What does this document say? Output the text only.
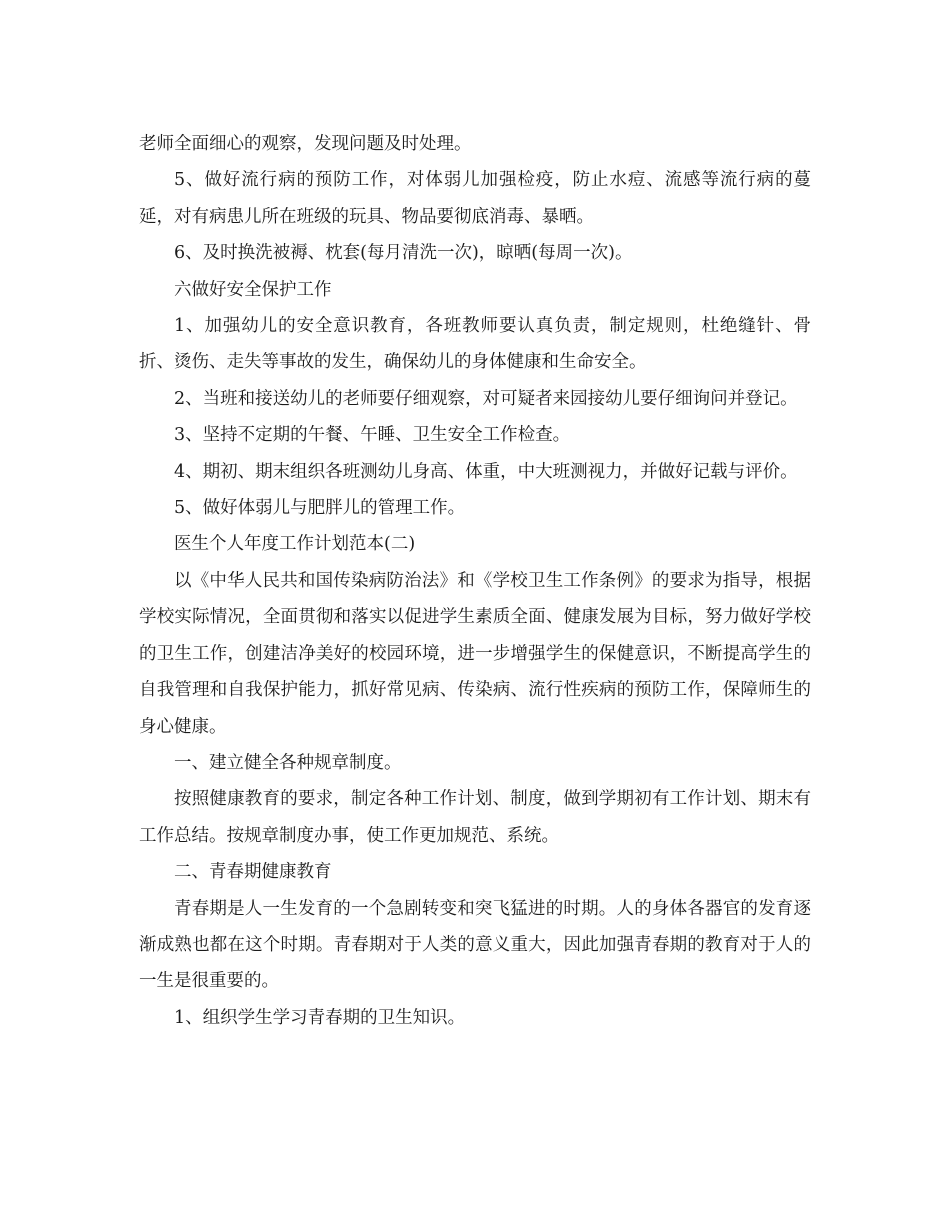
老师全面细心的观察，发现问题及时处理。

5、做好流行病的预防工作，对体弱儿加强检疫，防止水痘、流感等流行病的蔓延，对有病患儿所在班级的玩具、物品要彻底消毒、暴晒。

6、及时换洗被褥、枕套(每月清洗一次)，晾晒(每周一次)。

六做好安全保护工作

1、加强幼儿的安全意识教育，各班教师要认真负责，制定规则，杜绝缝针、骨折、烫伤、走失等事故的发生，确保幼儿的身体健康和生命安全。

2、当班和接送幼儿的老师要仔细观察，对可疑者来园接幼儿要仔细询问并登记。

3、坚持不定期的午餐、午睡、卫生安全工作检查。

4、期初、期末组织各班测幼儿身高、体重，中大班测视力，并做好记载与评价。

5、做好体弱儿与肥胖儿的管理工作。

医生个人年度工作计划范本(二)

以《中华人民共和国传染病防治法》和《学校卫生工作条例》的要求为指导，根据学校实际情况，全面贯彻和落实以促进学生素质全面、健康发展为目标，努力做好学校的卫生工作，创建洁净美好的校园环境，进一步增强学生的保健意识，不断提高学生的自我管理和自我保护能力，抓好常见病、传染病、流行性疾病的预防工作，保障师生的身心健康。

一、建立健全各种规章制度。

按照健康教育的要求，制定各种工作计划、制度，做到学期初有工作计划、期末有工作总结。按规章制度办事，使工作更加规范、系统。

二、青春期健康教育

青春期是人一生发育的一个急剧转变和突飞猛进的时期。人的身体各器官的发育逐渐成熟也都在这个时期。青春期对于人类的意义重大，因此加强青春期的教育对于人的一生是很重要的。

1、组织学生学习青春期的卫生知识。
